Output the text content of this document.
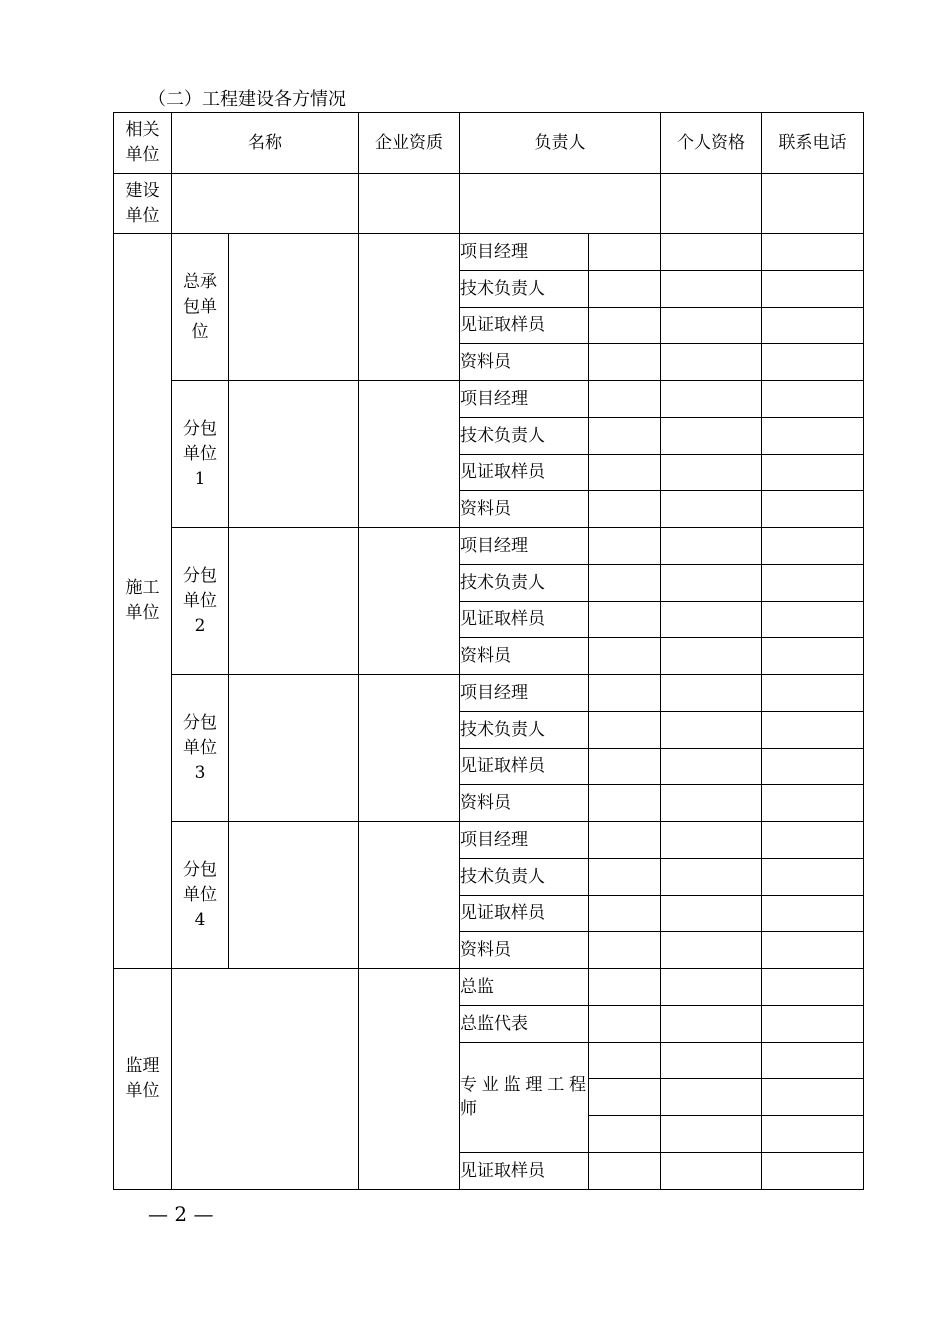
（二）工程建设各方情况
相关单位	名称		企业资质	负责人		个人资格	联系电话
建设单位							
施工单位	总承包单位			项目经理			
				技术负责人			
				见证取样员			
				资料员			
	分包单位1			项目经理			
				技术负责人			
				见证取样员			
				资料员			
	分包单位2			项目经理			
				技术负责人			
				见证取样员			
				资料员			
	分包单位3			项目经理			
				技术负责人			
				见证取样员			
				资料员			
	分包单位4			项目经理			
				技术负责人			
				见证取样员			
				资料员			
监理单位				总监			
				总监代表			
				专业监理工程师			

				见证取样员			
— 2 —
